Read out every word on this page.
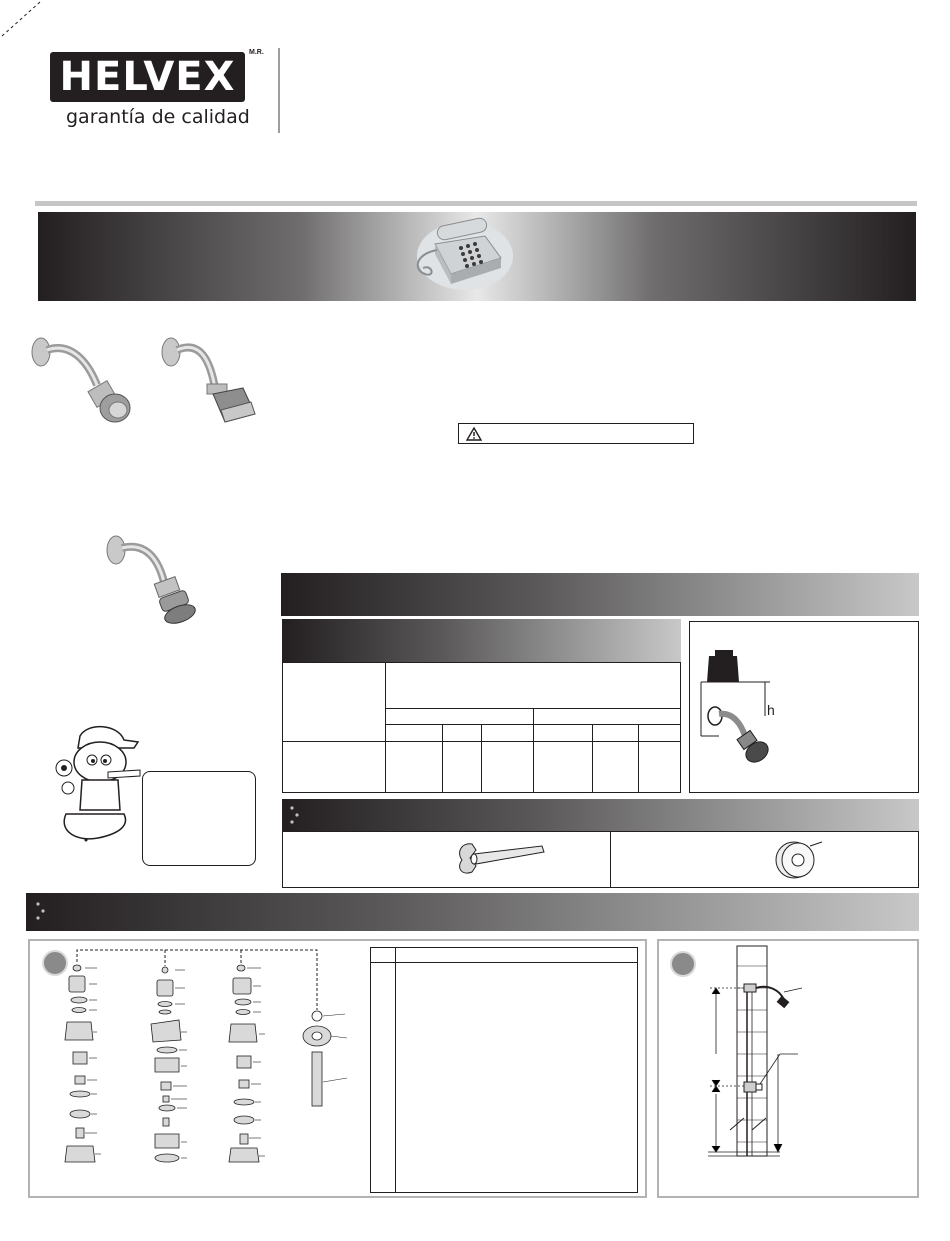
HELVEX
M.R.
garantía de calidad
h
